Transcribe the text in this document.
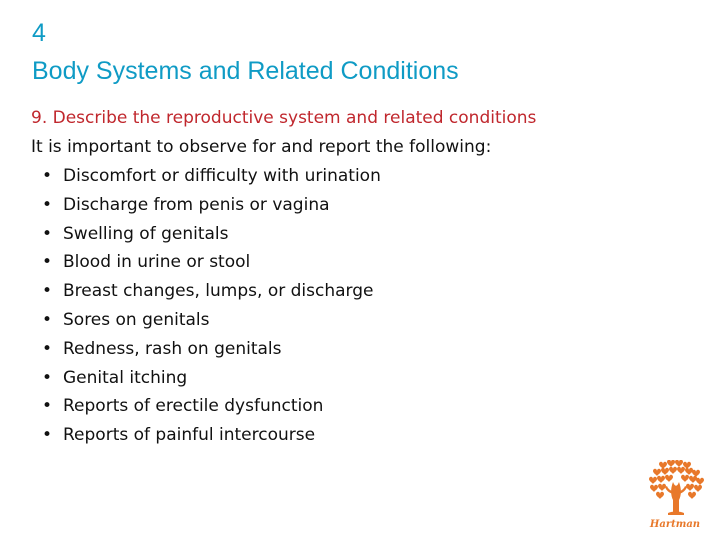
4
Body Systems and Related Conditions
9. Describe the reproductive system and related conditions
It is important to observe for and report the following:
• Discomfort or difficulty with urination
• Discharge from penis or vagina
• Swelling of genitals
• Blood in urine or stool
• Breast changes, lumps, or discharge
• Sores on genitals
• Redness, rash on genitals
• Genital itching
• Reports of erectile dysfunction
• Reports of painful intercourse
Hartman
